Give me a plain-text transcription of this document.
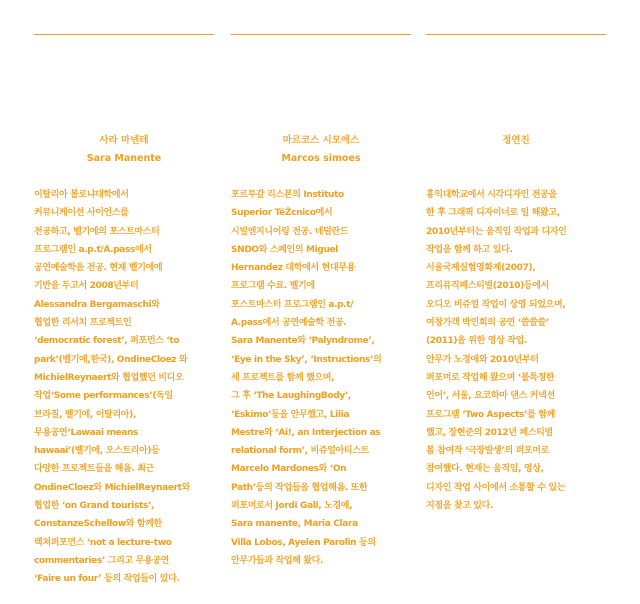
사라 마넨테
Sara Manente
이탈리아 볼로냐대학에서
커뮤니케이션 사이언스를
전공하고, 벨기에의 포스트마스터
프로그램인 a.p.t/A.pass에서
공연예술학을 전공. 현재 벨기에에
기반을 두고서 2008년부터
Alessandra Bergamaschi와
협업한 리서치 프로젝트인
‘democratic forest’, 퍼포먼스 ‘to
park’(벨기에,한국), OndineCloez 와
MichielReynaert와 협업했던 비디오
작업‘Some performances’(독일
브라질, 벨기에, 이탈리아),
무용공연‘Lawaai means
hawaai’(벨기에, 오스트리아)등
다양한 프로젝트들을 해옴. 최근
OndineCloez와 MichielReynaert와
협업한 ‘on Grand tourists’,
ConstanzeSchellow와 함께한
렉쳐퍼포먼스 ‘not a lecture-two
commentaries’ 그리고 무용공연
‘Faire un four’ 등의 작업들이 있다.
마르코스 시모에스
Marcos simoes
포르투갈 리스본의 Instituto
Superior TéŽcnico에서
시빌엔지니어링 전공. 네덜란드
SNDO와 스페인의 Miguel
Hernandez 대학에서 현대무용
프로그램 수료. 벨기에
포스트마스터 프로그램인 a.p.t/
A.pass에서 공연예술학 전공.
Sara Manente와 ‘Palyndrome’,
‘Eye in the Sky’, ‘Instructions’의
세 프로젝트를 함께 했으며,
그 후 ‘The LaughingBody’,
‘Eskimo’등을 안무했고, Lilia
Mestre와 ‘Ai!, an Interjection as
relational form’, 비쥬얼아티스트
Marcelo Mardones와 ‘On
Path’등의 작업들을 협업해옴. 또한
퍼포머로서 Jordi Gali, 노경애,
Sara manente, Maria Clara
Villa Lobos, Ayelen Parolin 등의
안무가들과 작업해 왔다.
정연진
홍익대학교에서 시각디자인 전공을
한 후 그래픽 디자이너로 일 해왔고,
2010년부터는 움직임 작업과 디자인
작업을 함께 하고 있다.
서울국제실험영화제(2007),
프리뮤직페스티벌(2010)등에서
오디오 비쥬얼 작업이 상영 되었으며,
여창가객 박민희의 공연 ‘쓸쓸쓸’
(2011)을 위한 영상 작업.
안무가 노경애와 2010년부터
퍼포머로 작업해 왔으며 ‘불특정한
언어’, 서울, 요코하마 댄스 커넥션
프로그램 ‘Two Aspects’를 함께
했고, 장현준의 2012년 페스티벌
봄 참여작 ‘극장발생’의 퍼포머로
참여했다. 현재는 움직임, 영상,
디자인 작업 사이에서 소통할 수 있는
지점을 찾고 있다.
